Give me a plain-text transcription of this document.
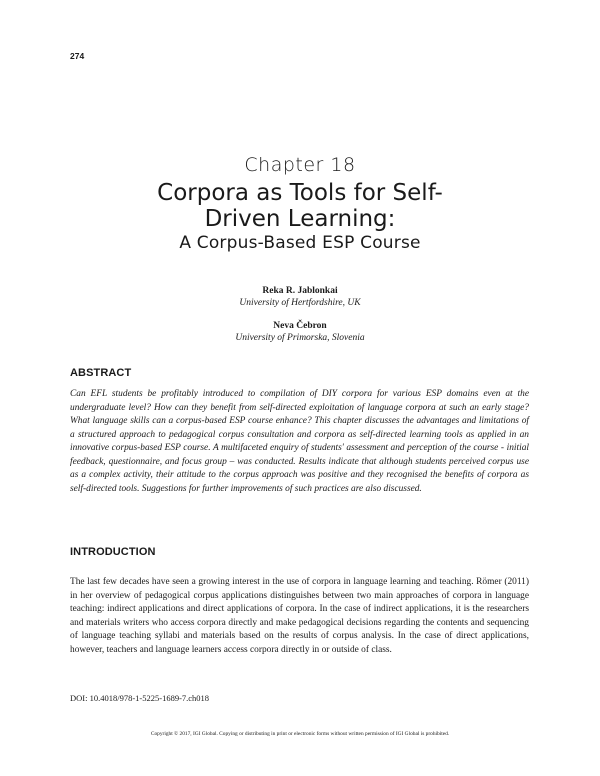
274
Chapter 18
Corpora as Tools for Self-
Driven Learning:
A Corpus-Based ESP Course
Reka R. Jablonkai
University of Hertfordshire, UK
Neva Čebron
University of Primorska, Slovenia
ABSTRACT
Can EFL students be profitably introduced to compilation of DIY corpora for various ESP domains even at the undergraduate level? How can they benefit from self-directed exploitation of language corpora at such an early stage? What language skills can a corpus-based ESP course enhance? This chapter discusses the advantages and limitations of a structured approach to pedagogical corpus consultation and corpora as self-directed learning tools as applied in an innovative corpus-based ESP course. A multifaceted enquiry of students' assessment and perception of the course - initial feedback, questionnaire, and focus group – was conducted. Results indicate that although students perceived corpus use as a complex activity, their attitude to the corpus approach was positive and they recognised the benefits of corpora as self-directed tools. Suggestions for further improvements of such practices are also discussed.
INTRODUCTION
The last few decades have seen a growing interest in the use of corpora in language learning and teaching. Römer (2011) in her overview of pedagogical corpus applications distinguishes between two main approaches of corpora in language teaching: indirect applications and direct applications of corpora. In the case of indirect applications, it is the researchers and materials writers who access corpora directly and make pedagogical decisions regarding the contents and sequencing of language teaching syllabi and materials based on the results of corpus analysis. In the case of direct applications, however, teachers and language learners access corpora directly in or outside of class.
DOI: 10.4018/978-1-5225-1689-7.ch018
Copyright © 2017, IGI Global. Copying or distributing in print or electronic forms without written permission of IGI Global is prohibited.
